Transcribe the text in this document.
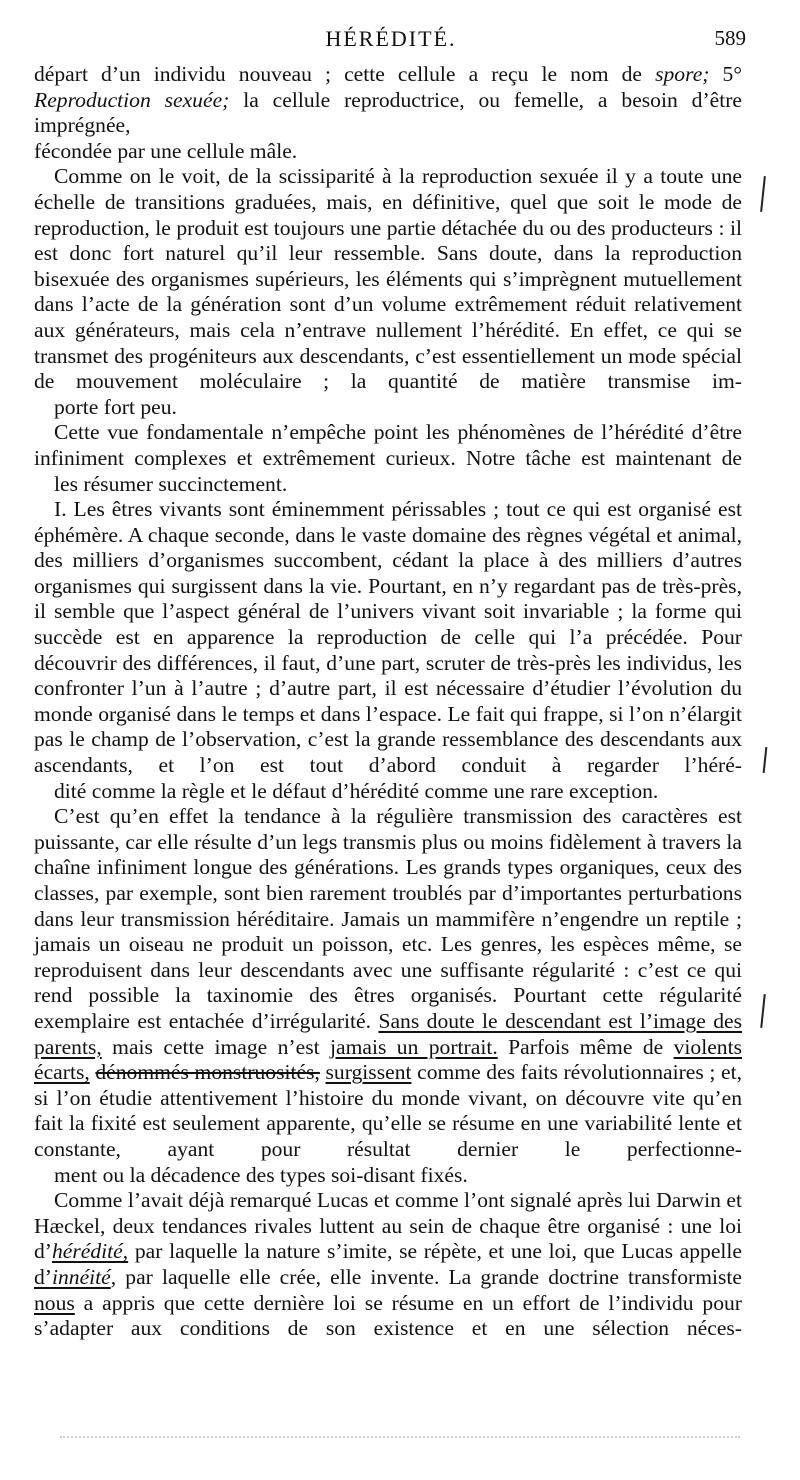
HÉRÉDITÉ.	589

départ d’un individu nouveau ; cette cellule a reçu le nom de spore; 5° Reproduction sexuée; la cellule reproductrice, ou femelle, a besoin d’être imprégnée,
fécondée par une cellule mâle.

Comme on le voit, de la scissiparité à la reproduction sexuée il y a toute une échelle de transitions graduées, mais, en définitive, quel que soit le mode de reproduction, le produit est toujours une partie détachée du ou des producteurs : il est donc fort naturel qu’il leur ressemble. Sans doute, dans la reproduction bisexuée des organismes supérieurs, les éléments qui s’imprègnent mutuellement dans l’acte de la génération sont d’un volume extrêmement réduit relativement aux générateurs, mais cela n’entrave nullement l’hérédité. En effet, ce qui se transmet des progéniteurs aux descendants, c’est essentiellement un mode spécial de mouvement moléculaire ; la quantité de matière transmise im-
porte fort peu.

Cette vue fondamentale n’empêche point les phénomènes de l’hérédité d’être infiniment complexes et extrêmement curieux. Notre tâche est maintenant de
les résumer succinctement.

I. Les êtres vivants sont éminemment périssables ; tout ce qui est organisé est éphémère. A chaque seconde, dans le vaste domaine des règnes végétal et animal, des milliers d’organismes succombent, cédant la place à des milliers d’autres organismes qui surgissent dans la vie. Pourtant, en n’y regardant pas de très-près, il semble que l’aspect général de l’univers vivant soit invariable ; la forme qui succède est en apparence la reproduction de celle qui l’a précédée. Pour découvrir des différences, il faut, d’une part, scruter de très-près les individus, les confronter l’un à l’autre ; d’autre part, il est nécessaire d’étudier l’évolution du monde organisé dans le temps et dans l’espace. Le fait qui frappe, si l’on n’élargit pas le champ de l’observation, c’est la grande ressemblance des descendants aux ascendants, et l’on est tout d’abord conduit à regarder l’héré-
dité comme la règle et le défaut d’hérédité comme une rare exception.

C’est qu’en effet la tendance à la régulière transmission des caractères est puissante, car elle résulte d’un legs transmis plus ou moins fidèlement à travers la chaîne infiniment longue des générations. Les grands types organiques, ceux des classes, par exemple, sont bien rarement troublés par d’importantes perturbations dans leur transmission héréditaire. Jamais un mammifère n’engendre un reptile ; jamais un oiseau ne produit un poisson, etc. Les genres, les espèces même, se reproduisent dans leur descendants avec une suffisante régularité : c’est ce qui rend possible la taxinomie des êtres organisés. Pourtant cette régularité exemplaire est entachée d’irrégularité. Sans doute le descendant est l’image des parents, mais cette image n’est jamais un portrait. Parfois même de violents écarts, dénommés monstruosités, surgissent comme des faits révolutionnaires ; et, si l’on étudie attentivement l’histoire du monde vivant, on découvre vite qu’en fait la fixité est seulement apparente, qu’elle se résume en une variabilité lente et constante, ayant pour résultat dernier le perfectionne-
ment ou la décadence des types soi-disant fixés.

Comme l’avait déjà remarqué Lucas et comme l’ont signalé après lui Darwin et Hæckel, deux tendances rivales luttent au sein de chaque être organisé : une loi d’hérédité, par laquelle la nature s’imite, se répète, et une loi, que Lucas appelle d’innéité, par laquelle elle crée, elle invente. La grande doctrine transformiste nous a appris que cette dernière loi se résume en un effort de l’individu pour s’adapter aux conditions de son existence et en une sélection néces-
